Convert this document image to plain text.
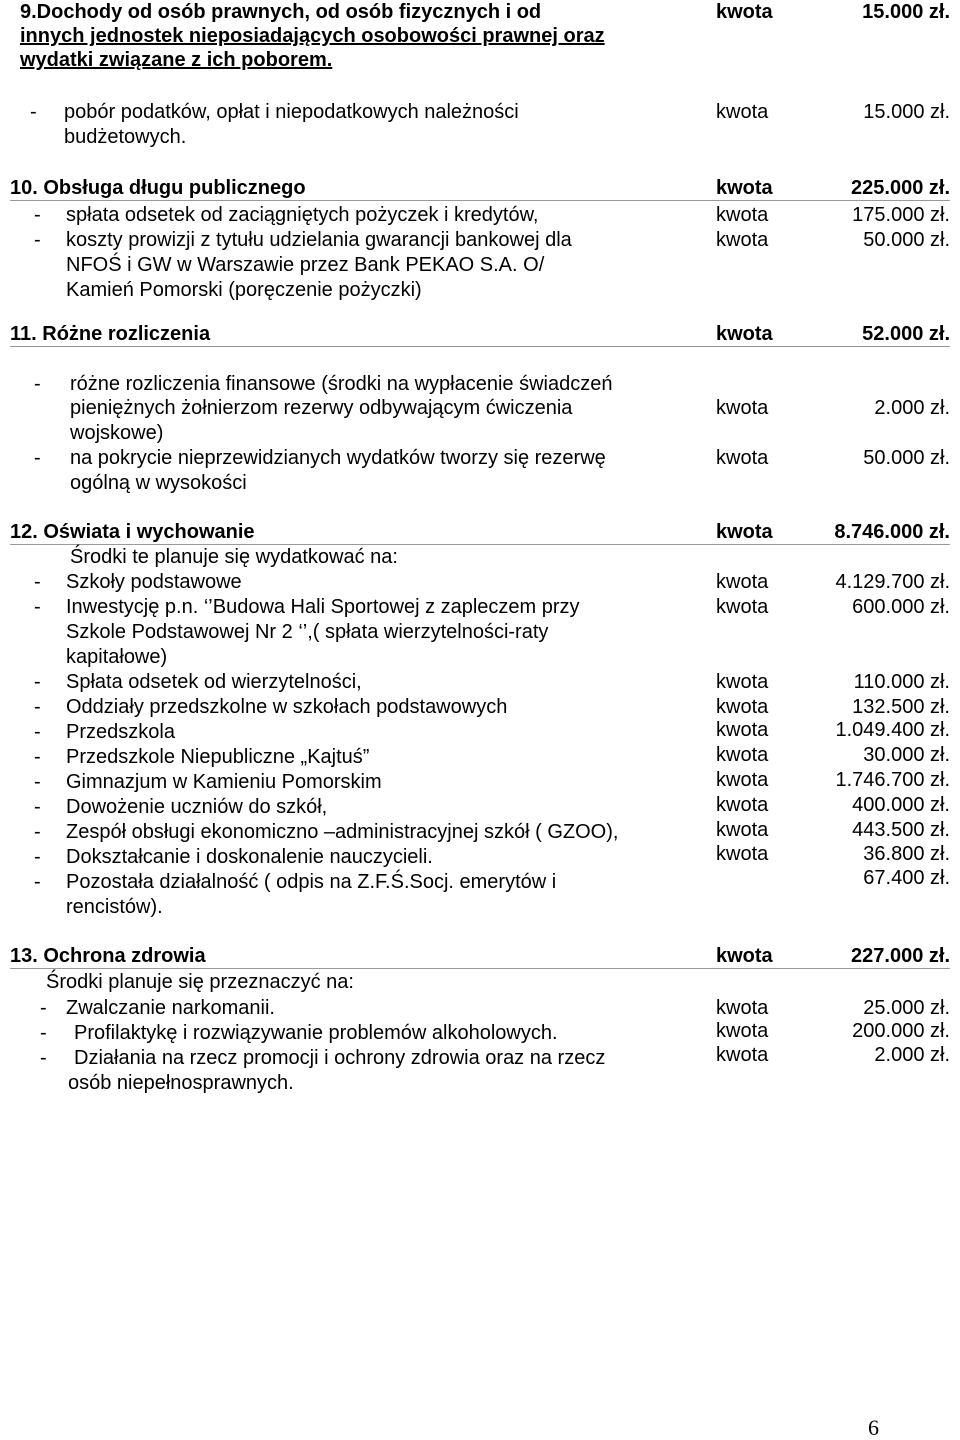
9.Dochody od osób prawnych, od osób fizycznych i od
innych jednostek nieposiadających osobowości prawnej oraz
wydatki związane z ich poborem.
kwota	15.000 zł.
- pobór podatków, opłat i niepodatkowych należności
budżetowych.
kwota	15.000 zł.
10. Obsługa długu publicznego	kwota	225.000 zł.
- spłata odsetek od zaciągniętych pożyczek i kredytów,	kwota	175.000 zł.
- koszty prowizji z tytułu udzielania gwarancji bankowej dla
NFOŚ i GW w Warszawie przez Bank PEKAO S.A. O/
Kamień Pomorski (poręczenie pożyczki)
kwota	50.000 zł.
11. Różne rozliczenia	kwota	52.000 zł.
- różne rozliczenia finansowe (środki na wypłacenie świadczeń
pieniężnych żołnierzom rezerwy odbywającym ćwiczenia
wojskowe)
kwota	2.000 zł.
- na pokrycie nieprzewidzianych wydatków tworzy się rezerwę
ogólną w wysokości
kwota	50.000 zł.
12. Oświata i wychowanie	kwota	8.746.000 zł.
Środki te planuje się wydatkować na:
- Szkoły podstawowe	kwota	4.129.700 zł.
- Inwestycję p.n. ‘’Budowa Hali Sportowej z zapleczem przy
Szkole Podstawowej Nr 2 ‘’,( spłata wierzytelności-raty
kapitałowe)
kwota	600.000 zł.
- Spłata odsetek od wierzytelności,	kwota	110.000 zł.
- Oddziały przedszkolne w szkołach podstawowych	kwota	132.500 zł.
- Przedszkola	kwota	1.049.400 zł.
- Przedszkole Niepubliczne „Kajtuś”	kwota	30.000 zł.
- Gimnazjum w Kamieniu Pomorskim	kwota	1.746.700 zł.
- Dowożenie uczniów do szkół,	kwota	400.000 zł.
- Zespół obsługi ekonomiczno –administracyjnej szkół ( GZOO),	kwota	443.500 zł.
- Dokształcanie i doskonalenie nauczycieli.	kwota	36.800 zł.
- Pozostała działalność ( odpis na Z.F.Ś.Socj. emerytów i
rencistów).
67.400 zł.
13. Ochrona zdrowia	kwota	227.000 zł.
Środki planuje się przeznaczyć na:
- Zwalczanie narkomanii.	kwota	25.000 zł.
- Profilaktykę i rozwiązywanie problemów alkoholowych.	kwota	200.000 zł.
- Działania na rzecz promocji i ochrony zdrowia oraz na rzecz
osób niepełnosprawnych.
kwota	2.000 zł.
6
